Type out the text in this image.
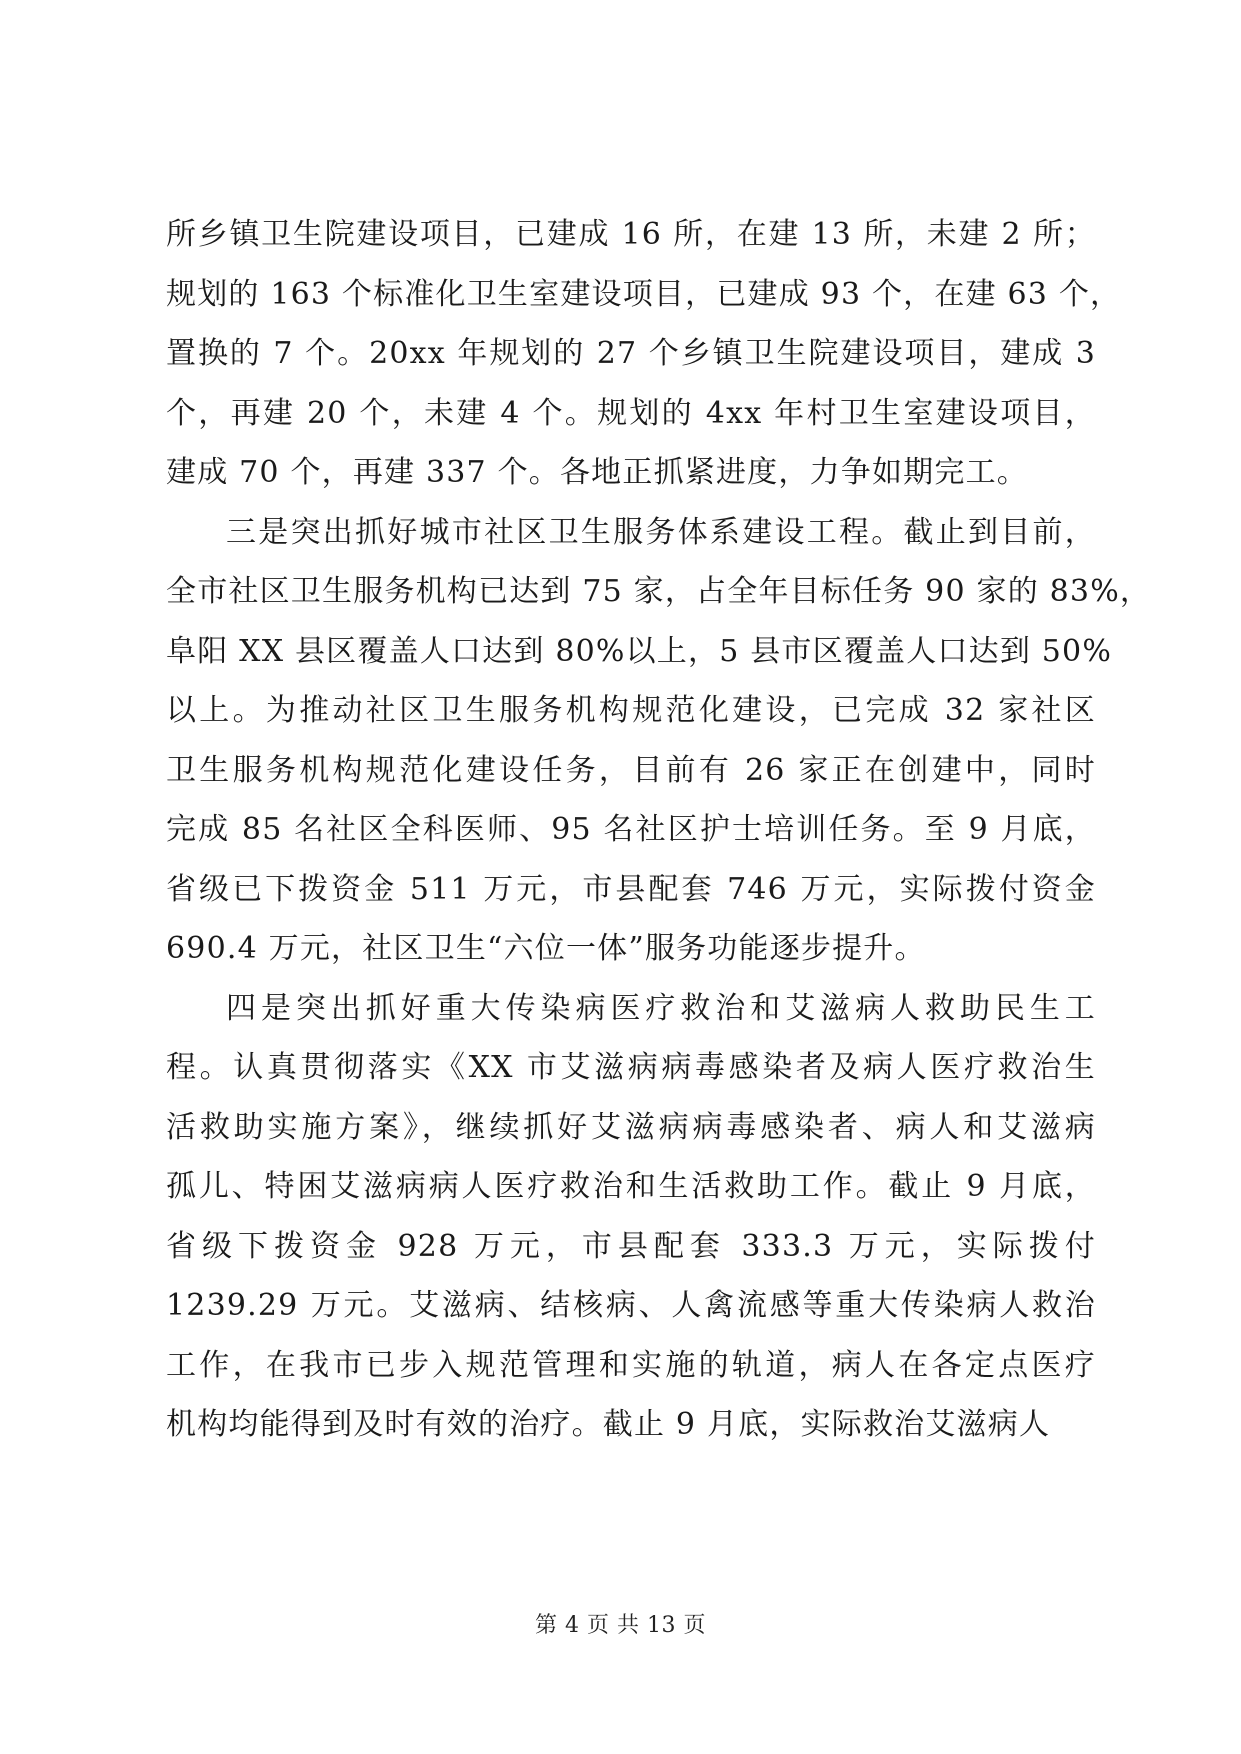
所乡镇卫生院建设项目，已建成 16 所，在建 13 所，未建 2 所；
规划的 163 个标准化卫生室建设项目，已建成 93 个，在建 63 个，
置换的 7 个。20xx 年规划的 27 个乡镇卫生院建设项目，建成 3
个，再建 20 个，未建 4 个。规划的 4xx 年村卫生室建设项目，
建成 70 个，再建 337 个。各地正抓紧进度，力争如期完工。
三是突出抓好城市社区卫生服务体系建设工程。截止到目前，
全市社区卫生服务机构已达到 75 家，占全年目标任务 90 家的 83%，
阜阳 XX 县区覆盖人口达到 80%以上，5 县市区覆盖人口达到 50%
以上。为推动社区卫生服务机构规范化建设，已完成 32 家社区
卫生服务机构规范化建设任务，目前有 26 家正在创建中，同时
完成 85 名社区全科医师、95 名社区护士培训任务。至 9 月底，
省级已下拨资金 511 万元，市县配套 746 万元，实际拨付资金
690.4 万元，社区卫生“六位一体”服务功能逐步提升。
四是突出抓好重大传染病医疗救治和艾滋病人救助民生工
程。认真贯彻落实《XX 市艾滋病病毒感染者及病人医疗救治生
活救助实施方案》，继续抓好艾滋病病毒感染者、病人和艾滋病
孤儿、特困艾滋病病人医疗救治和生活救助工作。截止 9 月底，
省级下拨资金 928 万元，市县配套 333.3 万元，实际拨付
1239.29 万元。艾滋病、结核病、人禽流感等重大传染病人救治
工作，在我市已步入规范管理和实施的轨道，病人在各定点医疗
机构均能得到及时有效的治疗。截止 9 月底，实际救治艾滋病人
第 4 页 共 13 页
